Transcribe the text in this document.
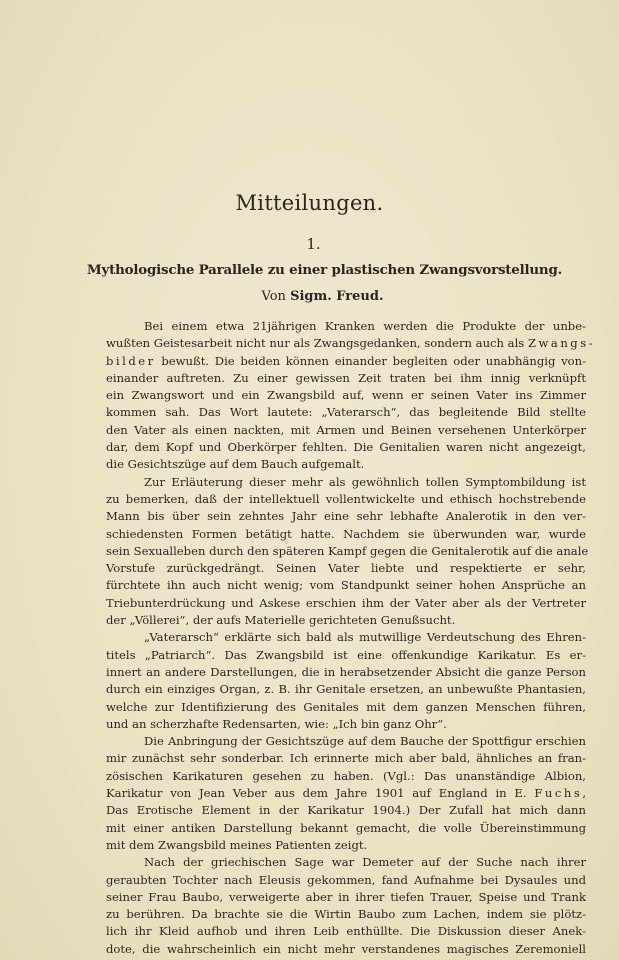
Mitteilungen.
1.
Mythologische Parallele zu einer plastischen Zwangsvorstellung.
Von Sigm. Freud.
Bei einem etwa 21jährigen Kranken werden die Produkte der unbe-
wußten Geistesarbeit nicht nur als Zwangsgedanken, sondern auch als Zwangs-
bilder bewußt. Die beiden können einander begleiten oder unabhängig von-
einander auftreten. Zu einer gewissen Zeit traten bei ihm innig verknüpft
ein Zwangswort und ein Zwangsbild auf, wenn er seinen Vater ins Zimmer
kommen sah. Das Wort lautete: „Vaterarsch“, das begleitende Bild stellte
den Vater als einen nackten, mit Armen und Beinen versehenen Unterkörper
dar, dem Kopf und Oberkörper fehlten. Die Genitalien waren nicht angezeigt,
die Gesichtszüge auf dem Bauch aufgemalt.
Zur Erläuterung dieser mehr als gewöhnlich tollen Symptombildung ist
zu bemerken, daß der intellektuell vollentwickelte und ethisch hochstrebende
Mann bis über sein zehntes Jahr eine sehr lebhafte Analerotik in den ver-
schiedensten Formen betätigt hatte. Nachdem sie überwunden war, wurde
sein Sexualleben durch den späteren Kampf gegen die Genitalerotik auf die anale
Vorstufe zurückgedrängt. Seinen Vater liebte und respektierte er sehr,
fürchtete ihn auch nicht wenig; vom Standpunkt seiner hohen Ansprüche an
Triebunterdrückung und Askese erschien ihm der Vater aber als der Vertreter
der „Völlerei“, der aufs Materielle gerichteten Genußsucht.
„Vaterarsch“ erklärte sich bald als mutwillige Verdeutschung des Ehren-
titels „Patriarch“. Das Zwangsbild ist eine offenkundige Karikatur. Es er-
innert an andere Darstellungen, die in herabsetzender Absicht die ganze Person
durch ein einziges Organ, z. B. ihr Genitale ersetzen, an unbewußte Phantasien,
welche zur Identifizierung des Genitales mit dem ganzen Menschen führen,
und an scherzhafte Redensarten, wie: „Ich bin ganz Ohr“.
Die Anbringung der Gesichtszüge auf dem Bauche der Spottfigur erschien
mir zunächst sehr sonderbar. Ich erinnerte mich aber bald, ähnliches an fran-
zösischen Karikaturen gesehen zu haben. (Vgl.: Das unanständige Albion,
Karikatur von Jean Veber aus dem Jahre 1901 auf England in E. Fuchs,
Das Erotische Element in der Karikatur 1904.) Der Zufall hat mich dann
mit einer antiken Darstellung bekannt gemacht, die volle Übereinstimmung
mit dem Zwangsbild meines Patienten zeigt.
Nach der griechischen Sage war Demeter auf der Suche nach ihrer
geraubten Tochter nach Eleusis gekommen, fand Aufnahme bei Dysaules und
seiner Frau Baubo, verweigerte aber in ihrer tiefen Trauer, Speise und Trank
zu berühren. Da brachte sie die Wirtin Baubo zum Lachen, indem sie plötz-
lich ihr Kleid aufhob und ihren Leib enthüllte. Die Diskussion dieser Anek-
dote, die wahrscheinlich ein nicht mehr verstandenes magisches Zeremoniell
